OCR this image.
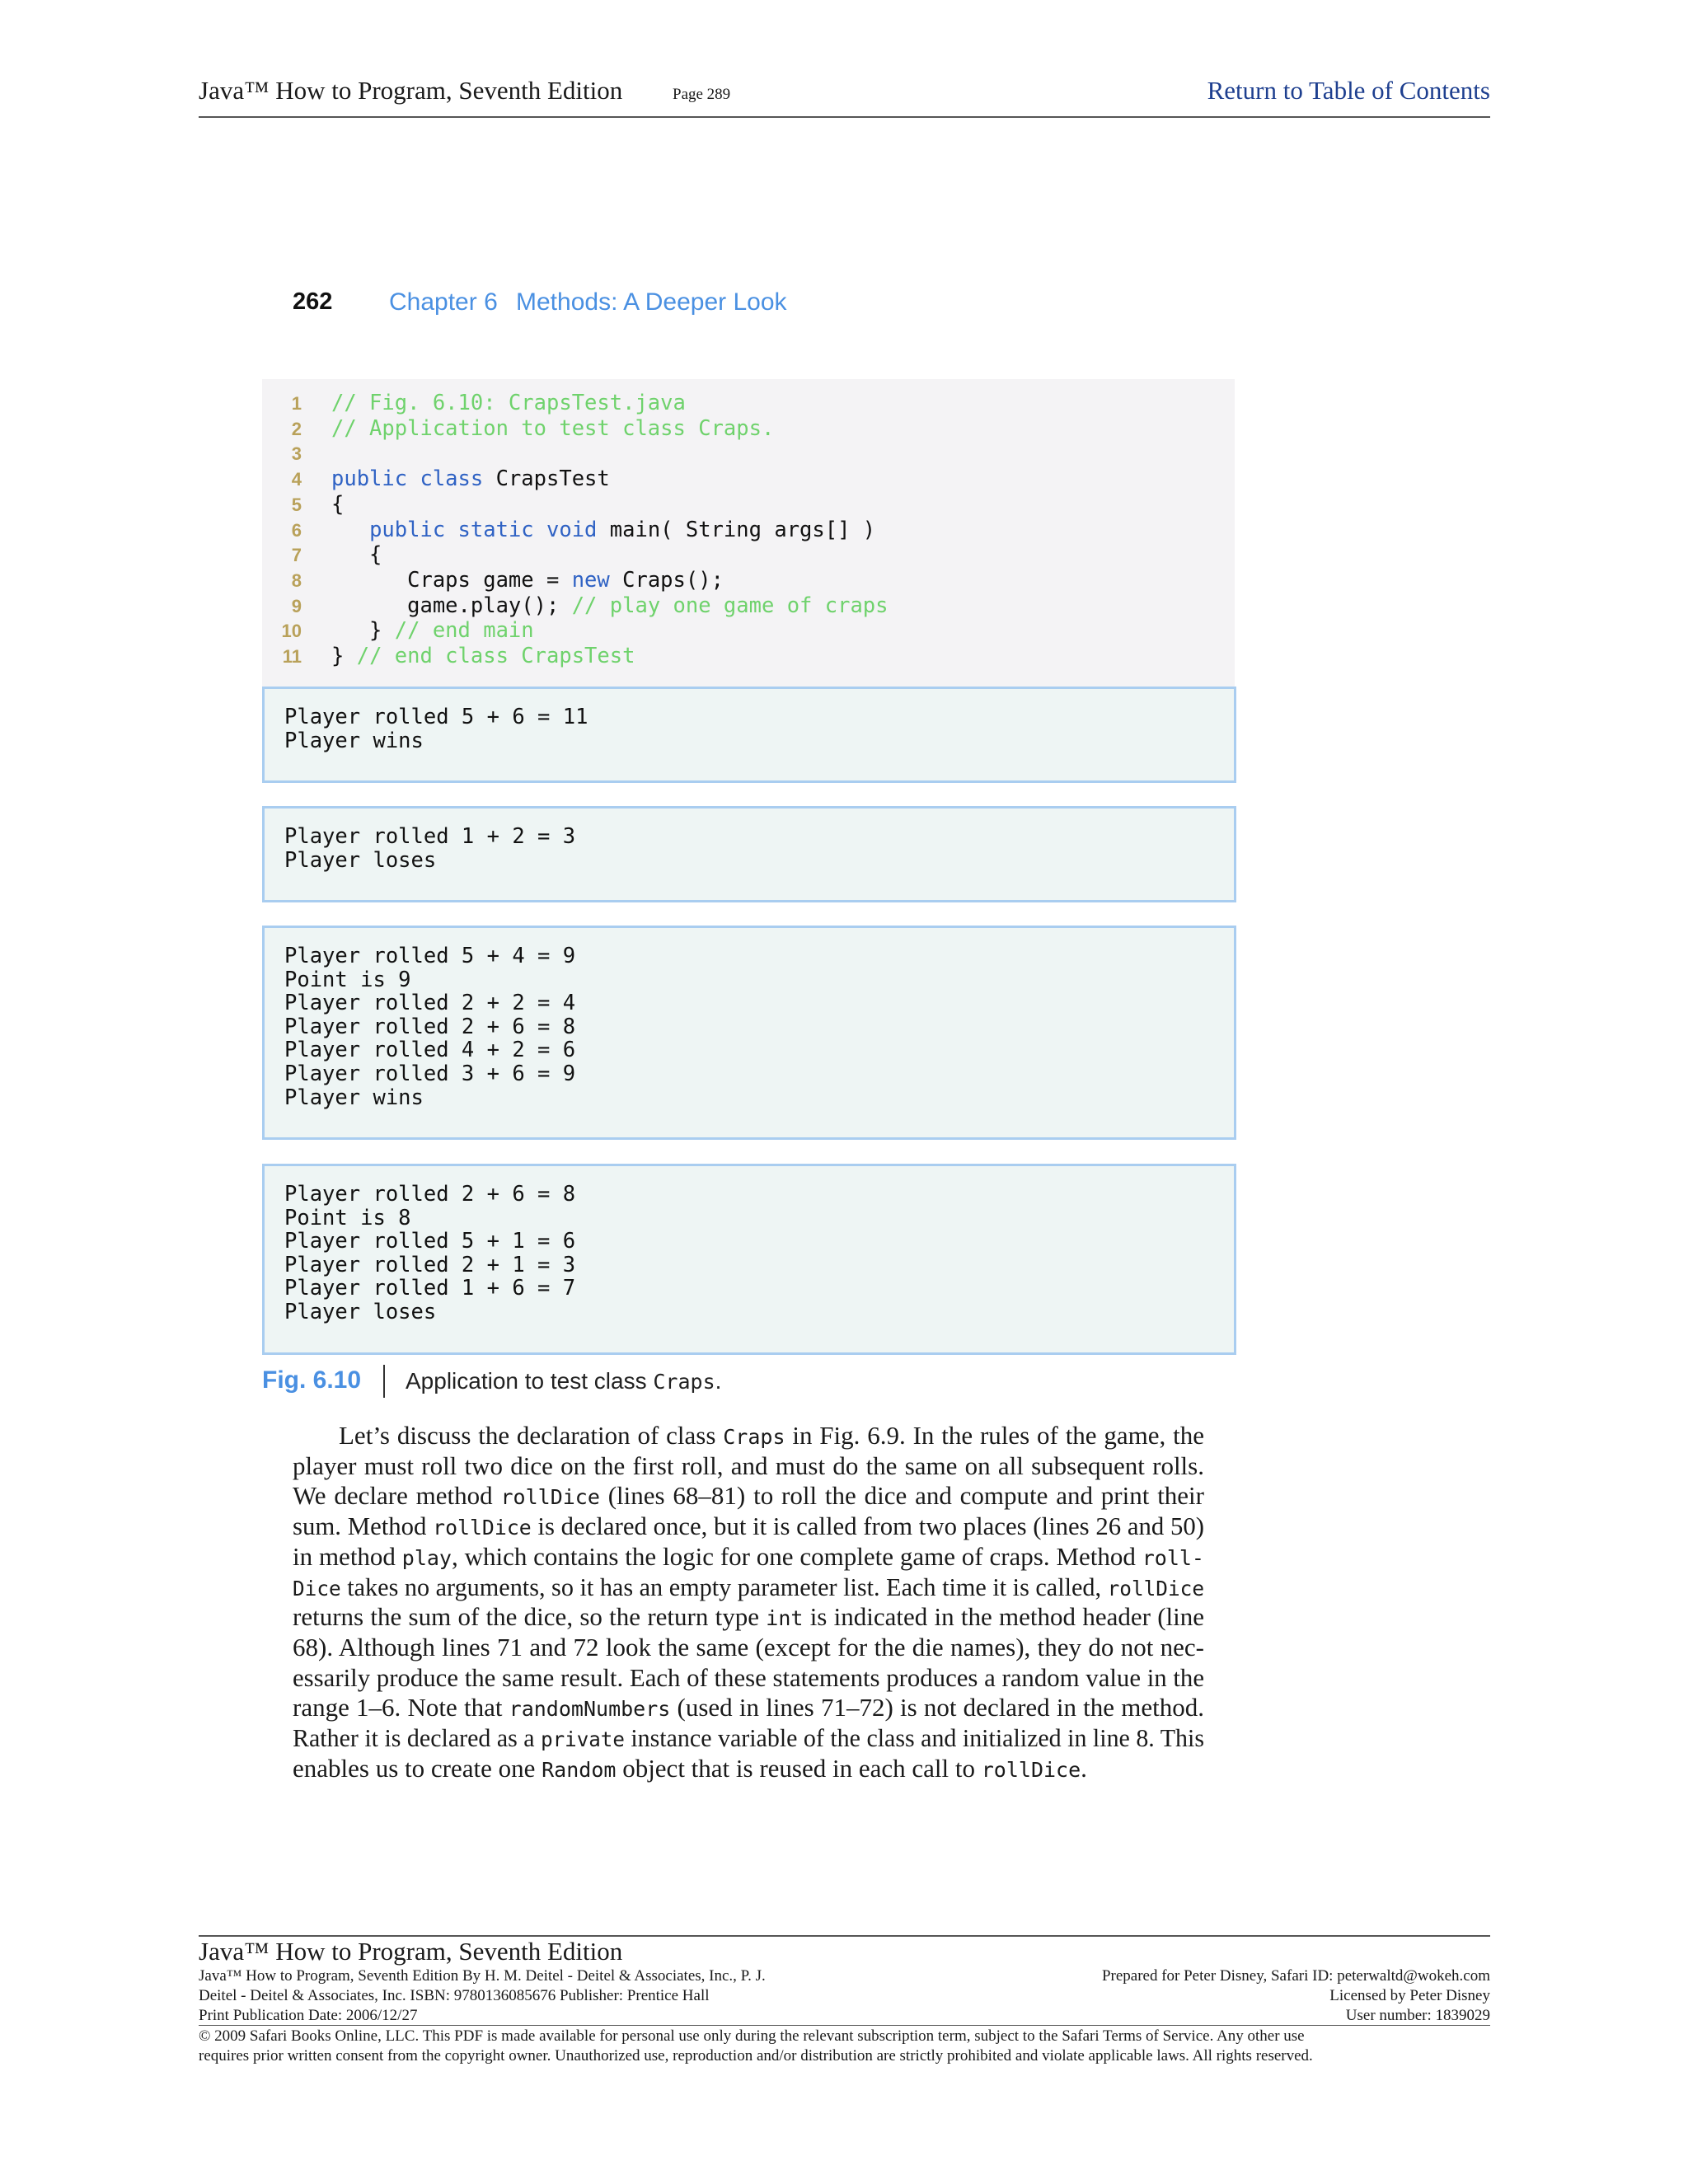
Java™ How to Program, Seventh Edition	Page 289	Return to Table of Contents
262 Chapter 6 Methods: A Deeper Look
1 // Fig. 6.10: CrapsTest.java
2 // Application to test class Craps.
3
4 public class CrapsTest
5 {
6	public static void main( String args[] )
7 {
8 Craps game = new Craps();
9 game.play(); // play one game of craps
10 } // end main
11 } // end class CrapsTest
Player rolled 5 + 6 = 11
Player wins
Player rolled 1 + 2 = 3
Player loses
Player rolled 5 + 4 = 9
Point is 9
Player rolled 2 + 2 = 4
Player rolled 2 + 6 = 8
Player rolled 4 + 2 = 6
Player rolled 3 + 6 = 9
Player wins
Player rolled 2 + 6 = 8
Point is 8
Player rolled 5 + 1 = 6
Player rolled 2 + 1 = 3
Player rolled 1 + 6 = 7
Player loses
Fig. 6.10 Application to test class Craps.
Let’s discuss the declaration of class Craps in Fig. 6.9. In the rules of the game, the
player must roll two dice on the first roll, and must do the same on all subsequent rolls.
We declare method rollDice (lines 68–81) to roll the dice and compute and print their
sum. Method rollDice is declared once, but it is called from two places (lines 26 and 50)
in method play, which contains the logic for one complete game of craps. Method roll-
Dice takes no arguments, so it has an empty parameter list. Each time it is called, rollDice
returns the sum of the dice, so the return type int is indicated in the method header (line
68). Although lines 71 and 72 look the same (except for the die names), they do not nec-
essarily produce the same result. Each of these statements produces a random value in the
range 1–6. Note that randomNumbers (used in lines 71–72) is not declared in the method.
Rather it is declared as a private instance variable of the class and initialized in line 8. This
enables us to create one Random object that is reused in each call to rollDice.
Java™ How to Program, Seventh Edition
Java™ How to Program, Seventh Edition By H. M. Deitel - Deitel & Associates, Inc., P. J.
Deitel - Deitel & Associates, Inc. ISBN: 9780136085676 Publisher: Prentice Hall
Print Publication Date: 2006/12/27
Prepared for Peter Disney, Safari ID: peterwaltd@wokeh.com
Licensed by Peter Disney
User number: 1839029
© 2009 Safari Books Online, LLC. This PDF is made available for personal use only during the relevant subscription term, subject to the Safari Terms of Service. Any other use
requires prior written consent from the copyright owner. Unauthorized use, reproduction and/or distribution are strictly prohibited and violate applicable laws. All rights reserved.
